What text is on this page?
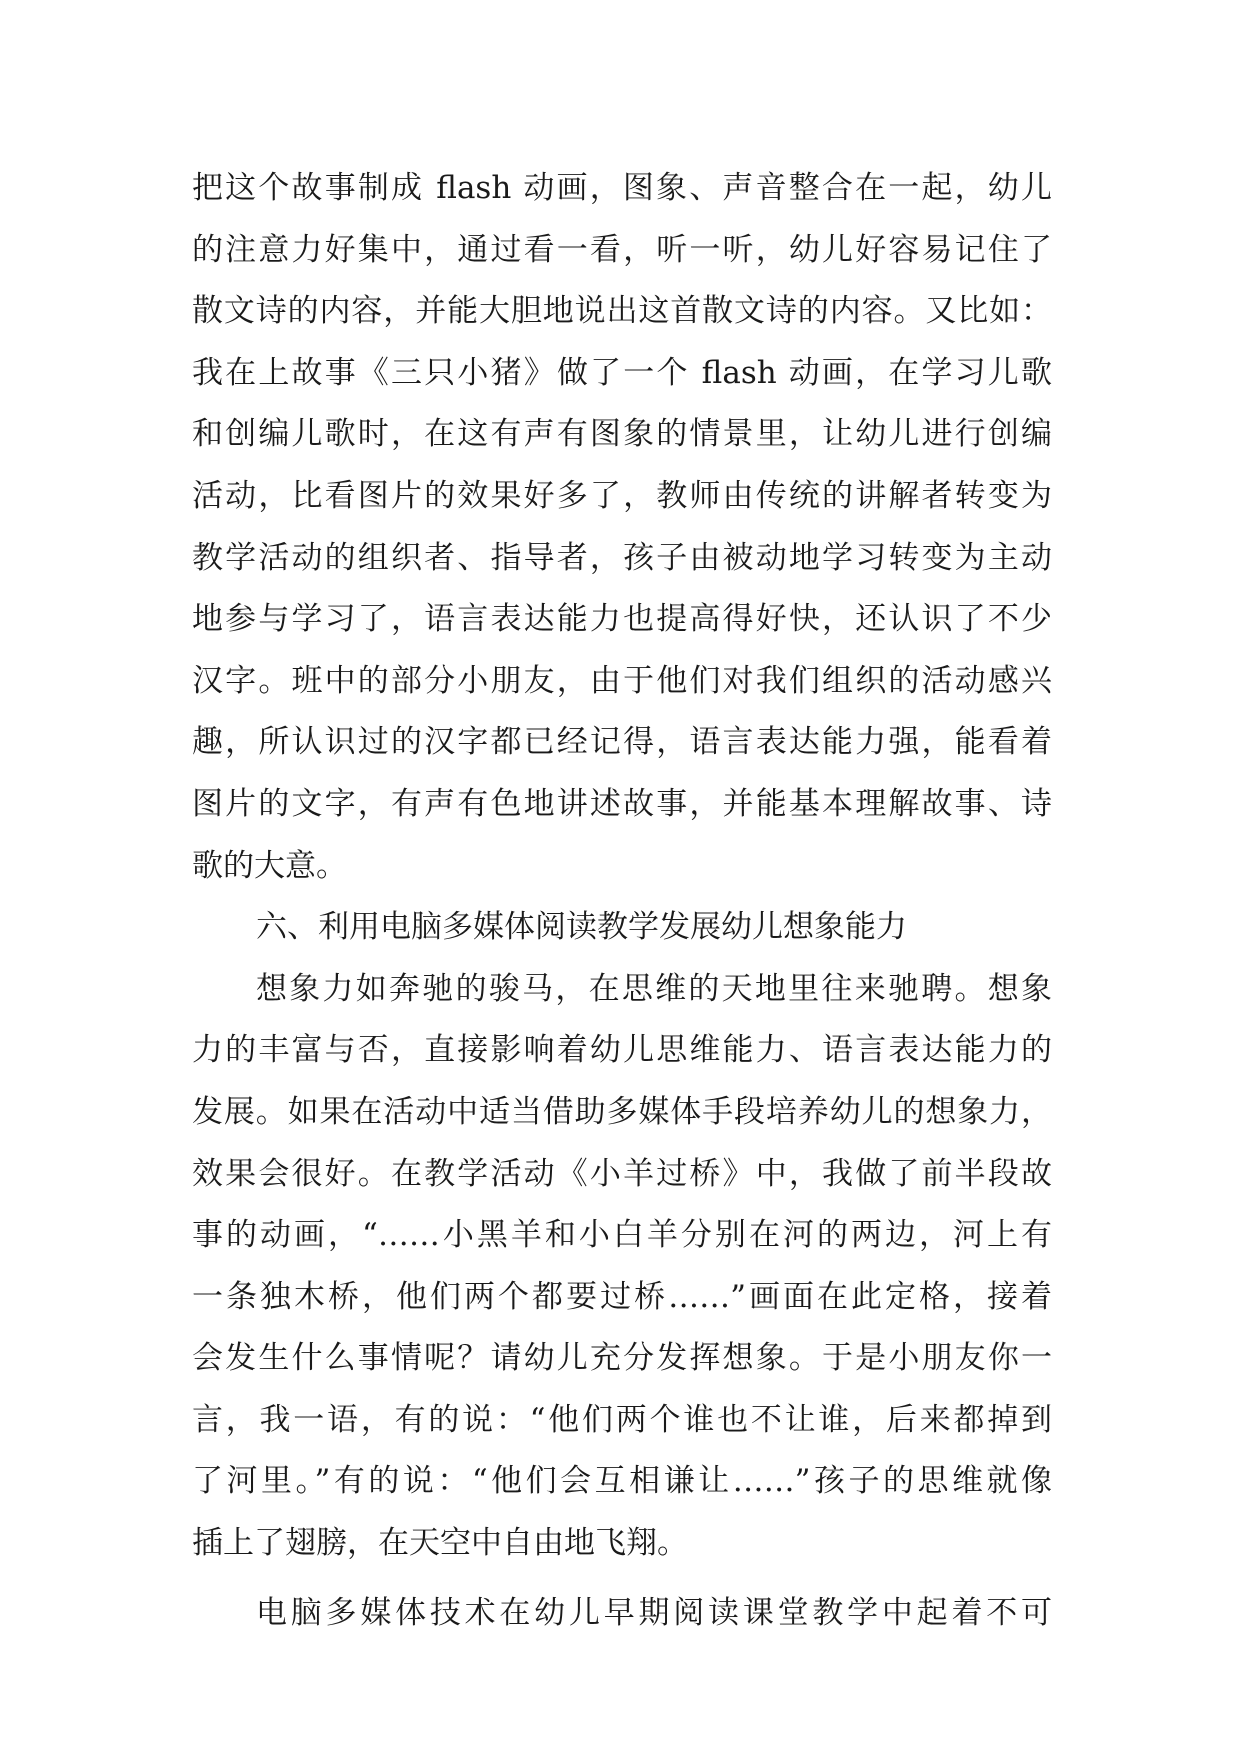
把这个故事制成 flash 动画，图象、声音整合在一起，幼儿
的注意力好集中，通过看一看，听一听，幼儿好容易记住了
散文诗的内容，并能大胆地说出这首散文诗的内容。又比如：
我在上故事《三只小猪》做了一个 flash 动画，在学习儿歌
和创编儿歌时，在这有声有图象的情景里，让幼儿进行创编
活动，比看图片的效果好多了，教师由传统的讲解者转变为
教学活动的组织者、指导者，孩子由被动地学习转变为主动
地参与学习了，语言表达能力也提高得好快，还认识了不少
汉字。班中的部分小朋友，由于他们对我们组织的活动感兴
趣，所认识过的汉字都已经记得，语言表达能力强，能看着
图片的文字，有声有色地讲述故事，并能基本理解故事、诗
歌的大意。
六、利用电脑多媒体阅读教学发展幼儿想象能力
想象力如奔驰的骏马，在思维的天地里往来驰聘。想象
力的丰富与否，直接影响着幼儿思维能力、语言表达能力的
发展。如果在活动中适当借助多媒体手段培养幼儿的想象力，
效果会很好。在教学活动《小羊过桥》中，我做了前半段故
事的动画，“……小黑羊和小白羊分别在河的两边，河上有
一条独木桥，他们两个都要过桥……”画面在此定格，接着
会发生什么事情呢？请幼儿充分发挥想象。于是小朋友你一
言，我一语，有的说：“他们两个谁也不让谁，后来都掉到
了河里。”有的说：“他们会互相谦让……”孩子的思维就像
插上了翅膀，在天空中自由地飞翔。
电脑多媒体技术在幼儿早期阅读课堂教学中起着不可
